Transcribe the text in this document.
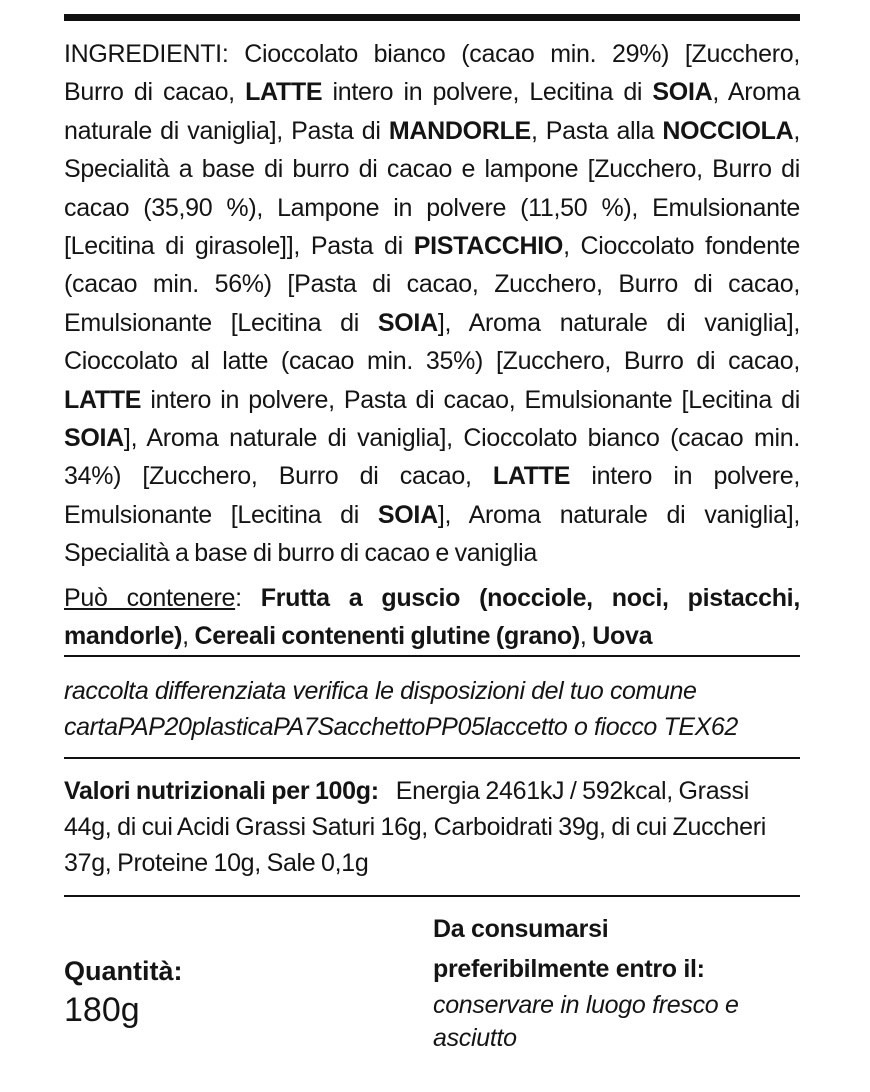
INGREDIENTI: Cioccolato bianco (cacao min. 29%) [Zucchero, Burro di cacao, LATTE intero in polvere, Lecitina di SOIA, Aroma naturale di vaniglia], Pasta di MANDORLE, Pasta alla NOCCIOLA, Specialità a base di burro di cacao e lampone [Zucchero, Burro di cacao (35,90 %), Lampone in polvere (11,50 %), Emulsionante [Lecitina di girasole]], Pasta di PISTACCHIO, Cioccolato fondente (cacao min. 56%) [Pasta di cacao, Zucchero, Burro di cacao, Emulsionante [Lecitina di SOIA], Aroma naturale di vaniglia], Cioccolato al latte (cacao min. 35%) [Zucchero, Burro di cacao, LATTE intero in polvere, Pasta di cacao, Emulsionante [Lecitina di SOIA], Aroma naturale di vaniglia], Cioccolato bianco (cacao min. 34%) [Zucchero, Burro di cacao, LATTE intero in polvere, Emulsionante [Lecitina di SOIA], Aroma naturale di vaniglia], Specialità a base di burro di cacao e vaniglia

Può contenere: Frutta a guscio (nocciole, noci, pistacchi, mandorle), Cereali contenenti glutine (grano), Uova

raccolta differenziata verifica le disposizioni del tuo comune
cartaPAP20plasticaPA7SacchettoPP05laccetto o fiocco TEX62
Valori nutrizionali per 100g: Energia 2461kJ / 592kcal, Grassi 44g, di cui Acidi Grassi Saturi 16g, Carboidrati 39g, di cui Zuccheri 37g, Proteine 10g, Sale 0,1g
Quantità:
180g
Da consumarsi
preferibilmente entro il:
conservare in luogo fresco e asciutto
